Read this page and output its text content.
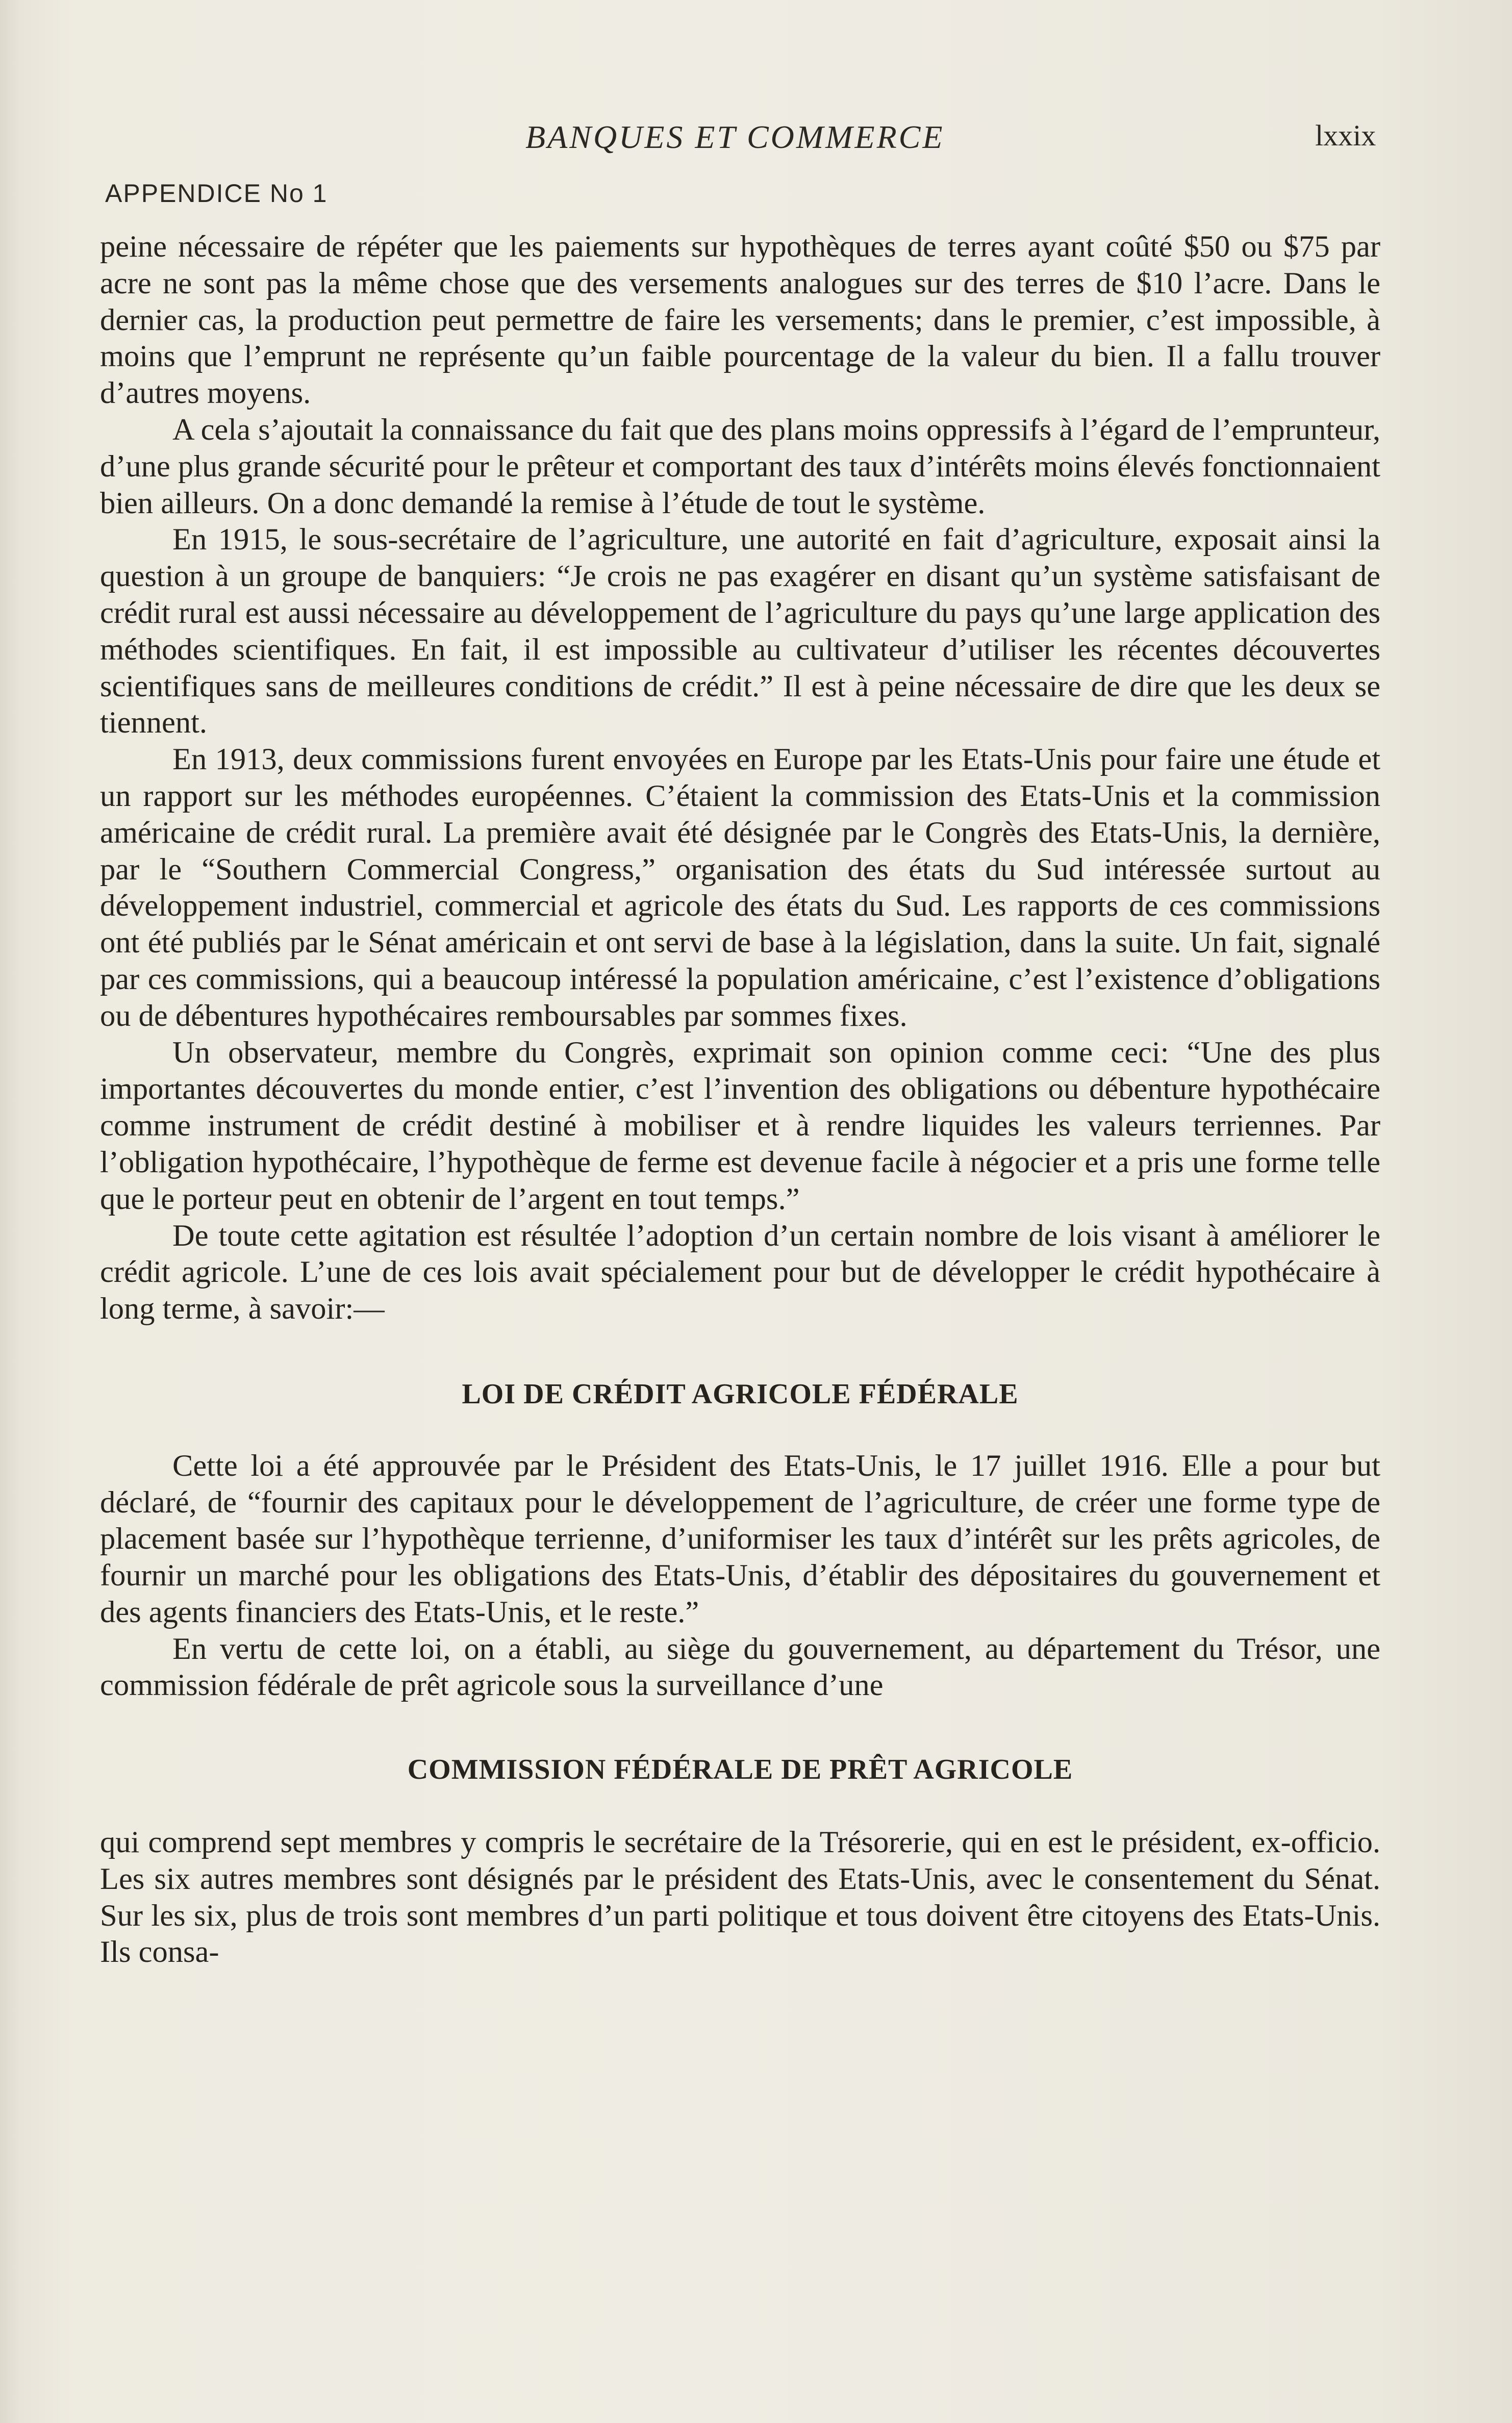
BANQUES ET COMMERCE	lxxix
APPENDICE No 1

peine nécessaire de répéter que les paiements sur hypothèques de terres ayant coûté $50 ou $75 par acre ne sont pas la même chose que des versements analogues sur des terres de $10 l’acre. Dans le dernier cas, la production peut permettre de faire les versements; dans le premier, c’est impossible, à moins que l’emprunt ne représente qu’un faible pourcentage de la valeur du bien. Il a fallu trouver d’autres moyens.

A cela s’ajoutait la connaissance du fait que des plans moins oppressifs à l’égard de l’emprunteur, d’une plus grande sécurité pour le prêteur et comportant des taux d’intérêts moins élevés fonctionnaient bien ailleurs. On a donc demandé la remise à l’étude de tout le système.

En 1915, le sous-secrétaire de l’agriculture, une autorité en fait d’agriculture, exposait ainsi la question à un groupe de banquiers: “Je crois ne pas exagérer en disant qu’un système satisfaisant de crédit rural est aussi nécessaire au développement de l’agriculture du pays qu’une large application des méthodes scientifiques. En fait, il est impossible au cultivateur d’utiliser les récentes découvertes scientifiques sans de meilleures conditions de crédit.” Il est à peine nécessaire de dire que les deux se tiennent.

En 1913, deux commissions furent envoyées en Europe par les Etats-Unis pour faire une étude et un rapport sur les méthodes européennes. C’étaient la commission des Etats-Unis et la commission américaine de crédit rural. La première avait été désignée par le Congrès des Etats-Unis, la dernière, par le “Southern Commercial Congress,” organisation des états du Sud intéressée surtout au développement industriel, commercial et agricole des états du Sud. Les rapports de ces commissions ont été publiés par le Sénat américain et ont servi de base à la législation, dans la suite. Un fait, signalé par ces commissions, qui a beaucoup intéressé la population américaine, c’est l’existence d’obligations ou de débentures hypothécaires remboursables par sommes fixes.

Un observateur, membre du Congrès, exprimait son opinion comme ceci: “Une des plus importantes découvertes du monde entier, c’est l’invention des obligations ou débenture hypothécaire comme instrument de crédit destiné à mobiliser et à rendre liquides les valeurs terriennes. Par l’obligation hypothécaire, l’hypothèque de ferme est devenue facile à négocier et a pris une forme telle que le porteur peut en obtenir de l’argent en tout temps.”

De toute cette agitation est résultée l’adoption d’un certain nombre de lois visant à améliorer le crédit agricole. L’une de ces lois avait spécialement pour but de développer le crédit hypothécaire à long terme, à savoir:—

LOI DE CRÉDIT AGRICOLE FÉDÉRALE

Cette loi a été approuvée par le Président des Etats-Unis, le 17 juillet 1916. Elle a pour but déclaré, de “fournir des capitaux pour le développement de l’agriculture, de créer une forme type de placement basée sur l’hypothèque terrienne, d’uniformiser les taux d’intérêt sur les prêts agricoles, de fournir un marché pour les obligations des Etats-Unis, d’établir des dépositaires du gouvernement et des agents financiers des Etats-Unis, et le reste.”

En vertu de cette loi, on a établi, au siège du gouvernement, au département du Trésor, une commission fédérale de prêt agricole sous la surveillance d’une

COMMISSION FÉDÉRALE DE PRÊT AGRICOLE

qui comprend sept membres y compris le secrétaire de la Trésorerie, qui en est le président, ex-officio. Les six autres membres sont désignés par le président des Etats-Unis, avec le consentement du Sénat. Sur les six, plus de trois sont membres d’un parti politique et tous doivent être citoyens des Etats-Unis. Ils consa-
